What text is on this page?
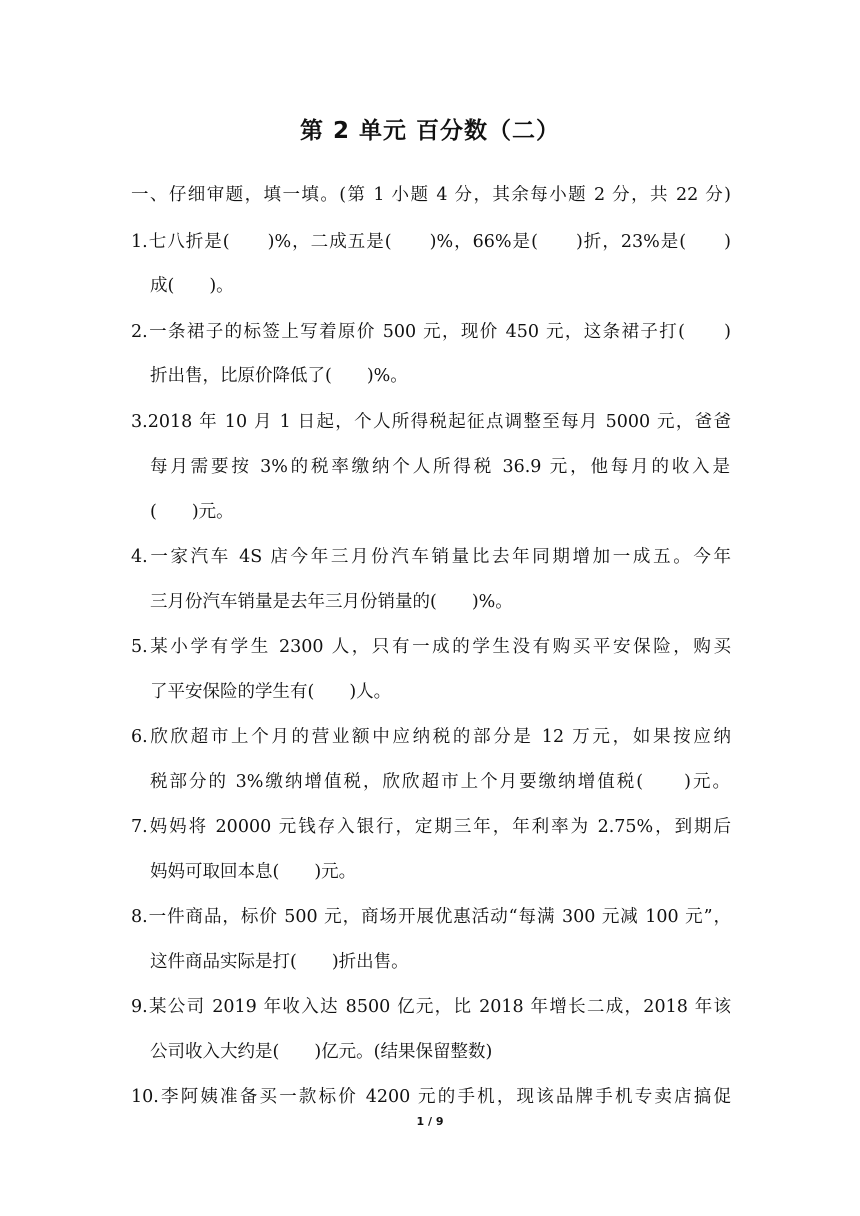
第 2 单元 百分数（二）
一、仔细审题，填一填。(第 1 小题 4 分，其余每小题 2 分，共 22 分)
1.七八折是(　　)%，二成五是(　　)%，66%是(　　)折，23%是(　　)
成(　　)。
2.一条裙子的标签上写着原价 500 元，现价 450 元，这条裙子打(　　)
折出售，比原价降低了(　　)%。
3.2018 年 10 月 1 日起，个人所得税起征点调整至每月 5000 元，爸爸
每月需要按 3%的税率缴纳个人所得税 36.9 元，他每月的收入是
(　　)元。
4.一家汽车 4S 店今年三月份汽车销量比去年同期增加一成五。今年
三月份汽车销量是去年三月份销量的(　　)%。
5.某小学有学生 2300 人，只有一成的学生没有购买平安保险，购买
了平安保险的学生有(　　)人。
6.欣欣超市上个月的营业额中应纳税的部分是 12 万元，如果按应纳
税部分的 3%缴纳增值税，欣欣超市上个月要缴纳增值税(　　)元。
7.妈妈将 20000 元钱存入银行，定期三年，年利率为 2.75%，到期后
妈妈可取回本息(　　)元。
8.一件商品，标价 500 元，商场开展优惠活动“每满 300 元减 100 元”，
这件商品实际是打(　　)折出售。
9.某公司 2019 年收入达 8500 亿元，比 2018 年增长二成，2018 年该
公司收入大约是(　　)亿元。(结果保留整数)
10.李阿姨准备买一款标价 4200 元的手机，现该品牌手机专卖店搞促
1 / 9
